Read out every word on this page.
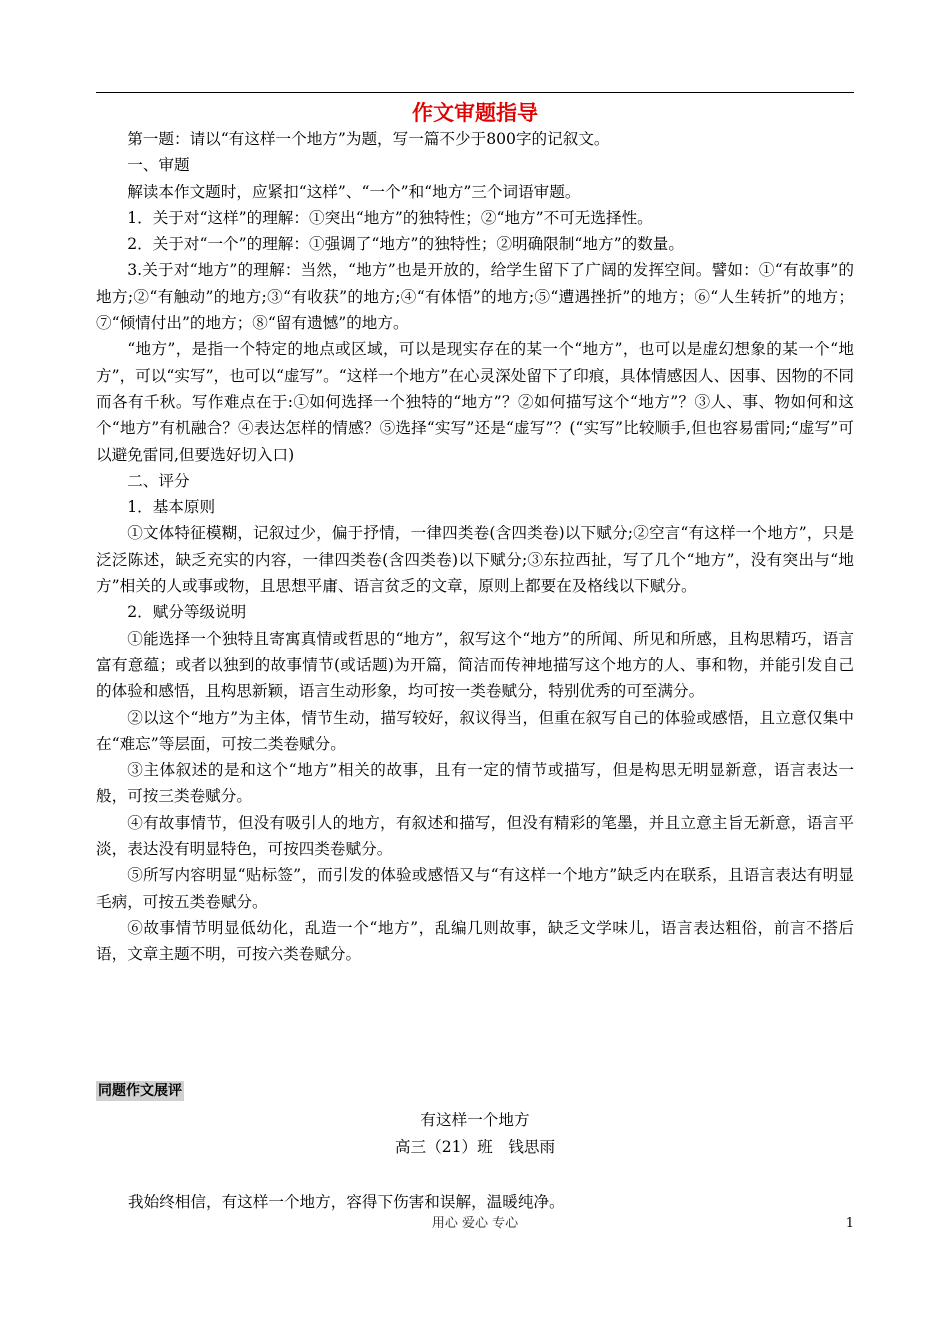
作文审题指导

第一题：请以“有这样一个地方”为题，写一篇不少于800字的记叙文。

一、审题

解读本作文题时，应紧扣“这样”、“一个”和“地方”三个词语审题。

1．关于对“这样”的理解：①突出“地方”的独特性；②“地方”不可无选择性。

2．关于对“一个”的理解：①强调了“地方”的独特性；②明确限制“地方”的数量。

3.关于对“地方”的理解：当然，“地方”也是开放的，给学生留下了广阔的发挥空间。譬如：①“有故事”的地方;②“有触动”的地方;③“有收获”的地方;④“有体悟”的地方;⑤“遭遇挫折”的地方；⑥“人生转折”的地方；⑦“倾情付出”的地方；⑧“留有遗憾”的地方。

“地方”，是指一个特定的地点或区域，可以是现实存在的某一个“地方”，也可以是虚幻想象的某一个“地方”，可以“实写”，也可以“虚写”。“这样一个地方”在心灵深处留下了印痕，具体情感因人、因事、因物的不同而各有千秋。写作难点在于:①如何选择一个独特的“地方”？②如何描写这个“地方”？③人、事、物如何和这个“地方”有机融合？④表达怎样的情感？⑤选择“实写”还是“虚写”？(“实写”比较顺手,但也容易雷同;“虚写”可以避免雷同,但要选好切入口)

二、评分

1．基本原则

①文体特征模糊，记叙过少，偏于抒情，一律四类卷(含四类卷)以下赋分;②空言“有这样一个地方”，只是泛泛陈述，缺乏充实的内容，一律四类卷(含四类卷)以下赋分;③东拉西扯，写了几个“地方”，没有突出与“地方”相关的人或事或物，且思想平庸、语言贫乏的文章，原则上都要在及格线以下赋分。

2．赋分等级说明

①能选择一个独特且寄寓真情或哲思的“地方”，叙写这个“地方”的所闻、所见和所感，且构思精巧，语言富有意蕴；或者以独到的故事情节(或话题)为开篇，简洁而传神地描写这个地方的人、事和物，并能引发自己的体验和感悟，且构思新颖，语言生动形象，均可按一类卷赋分，特别优秀的可至满分。

②以这个“地方”为主体，情节生动，描写较好，叙议得当，但重在叙写自己的体验或感悟，且立意仅集中在“难忘”等层面，可按二类卷赋分。

③主体叙述的是和这个“地方”相关的故事，且有一定的情节或描写，但是构思无明显新意，语言表达一般，可按三类卷赋分。

④有故事情节，但没有吸引人的地方，有叙述和描写，但没有精彩的笔墨，并且立意主旨无新意，语言平淡，表达没有明显特色，可按四类卷赋分。

⑤所写内容明显“贴标签”，而引发的体验或感悟又与“有这样一个地方”缺乏内在联系，且语言表达有明显毛病，可按五类卷赋分。

⑥故事情节明显低幼化，乱造一个“地方”，乱编几则故事，缺乏文学味儿，语言表达粗俗，前言不搭后语，文章主题不明，可按六类卷赋分。

同题作文展评
有这样一个地方
高三（21）班　钱思雨
我始终相信，有这样一个地方，容得下伤害和误解，温暖纯净。
用心 爱心 专心	1
